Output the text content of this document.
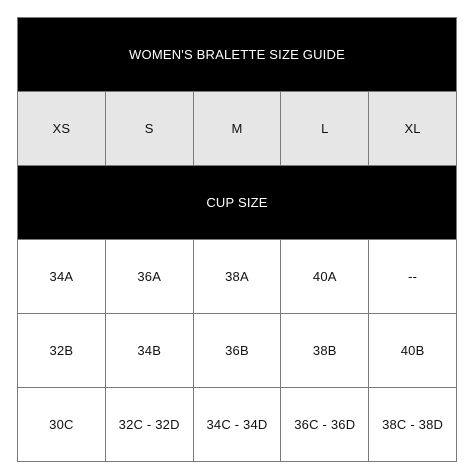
WOMEN'S BRALETTE SIZE GUIDE				
XS	S	M	L	XL
CUP SIZE				
34A	36A	38A	40A	--
32B	34B	36B	38B	40B
30C	32C - 32D	34C - 34D	36C - 36D	38C - 38D
